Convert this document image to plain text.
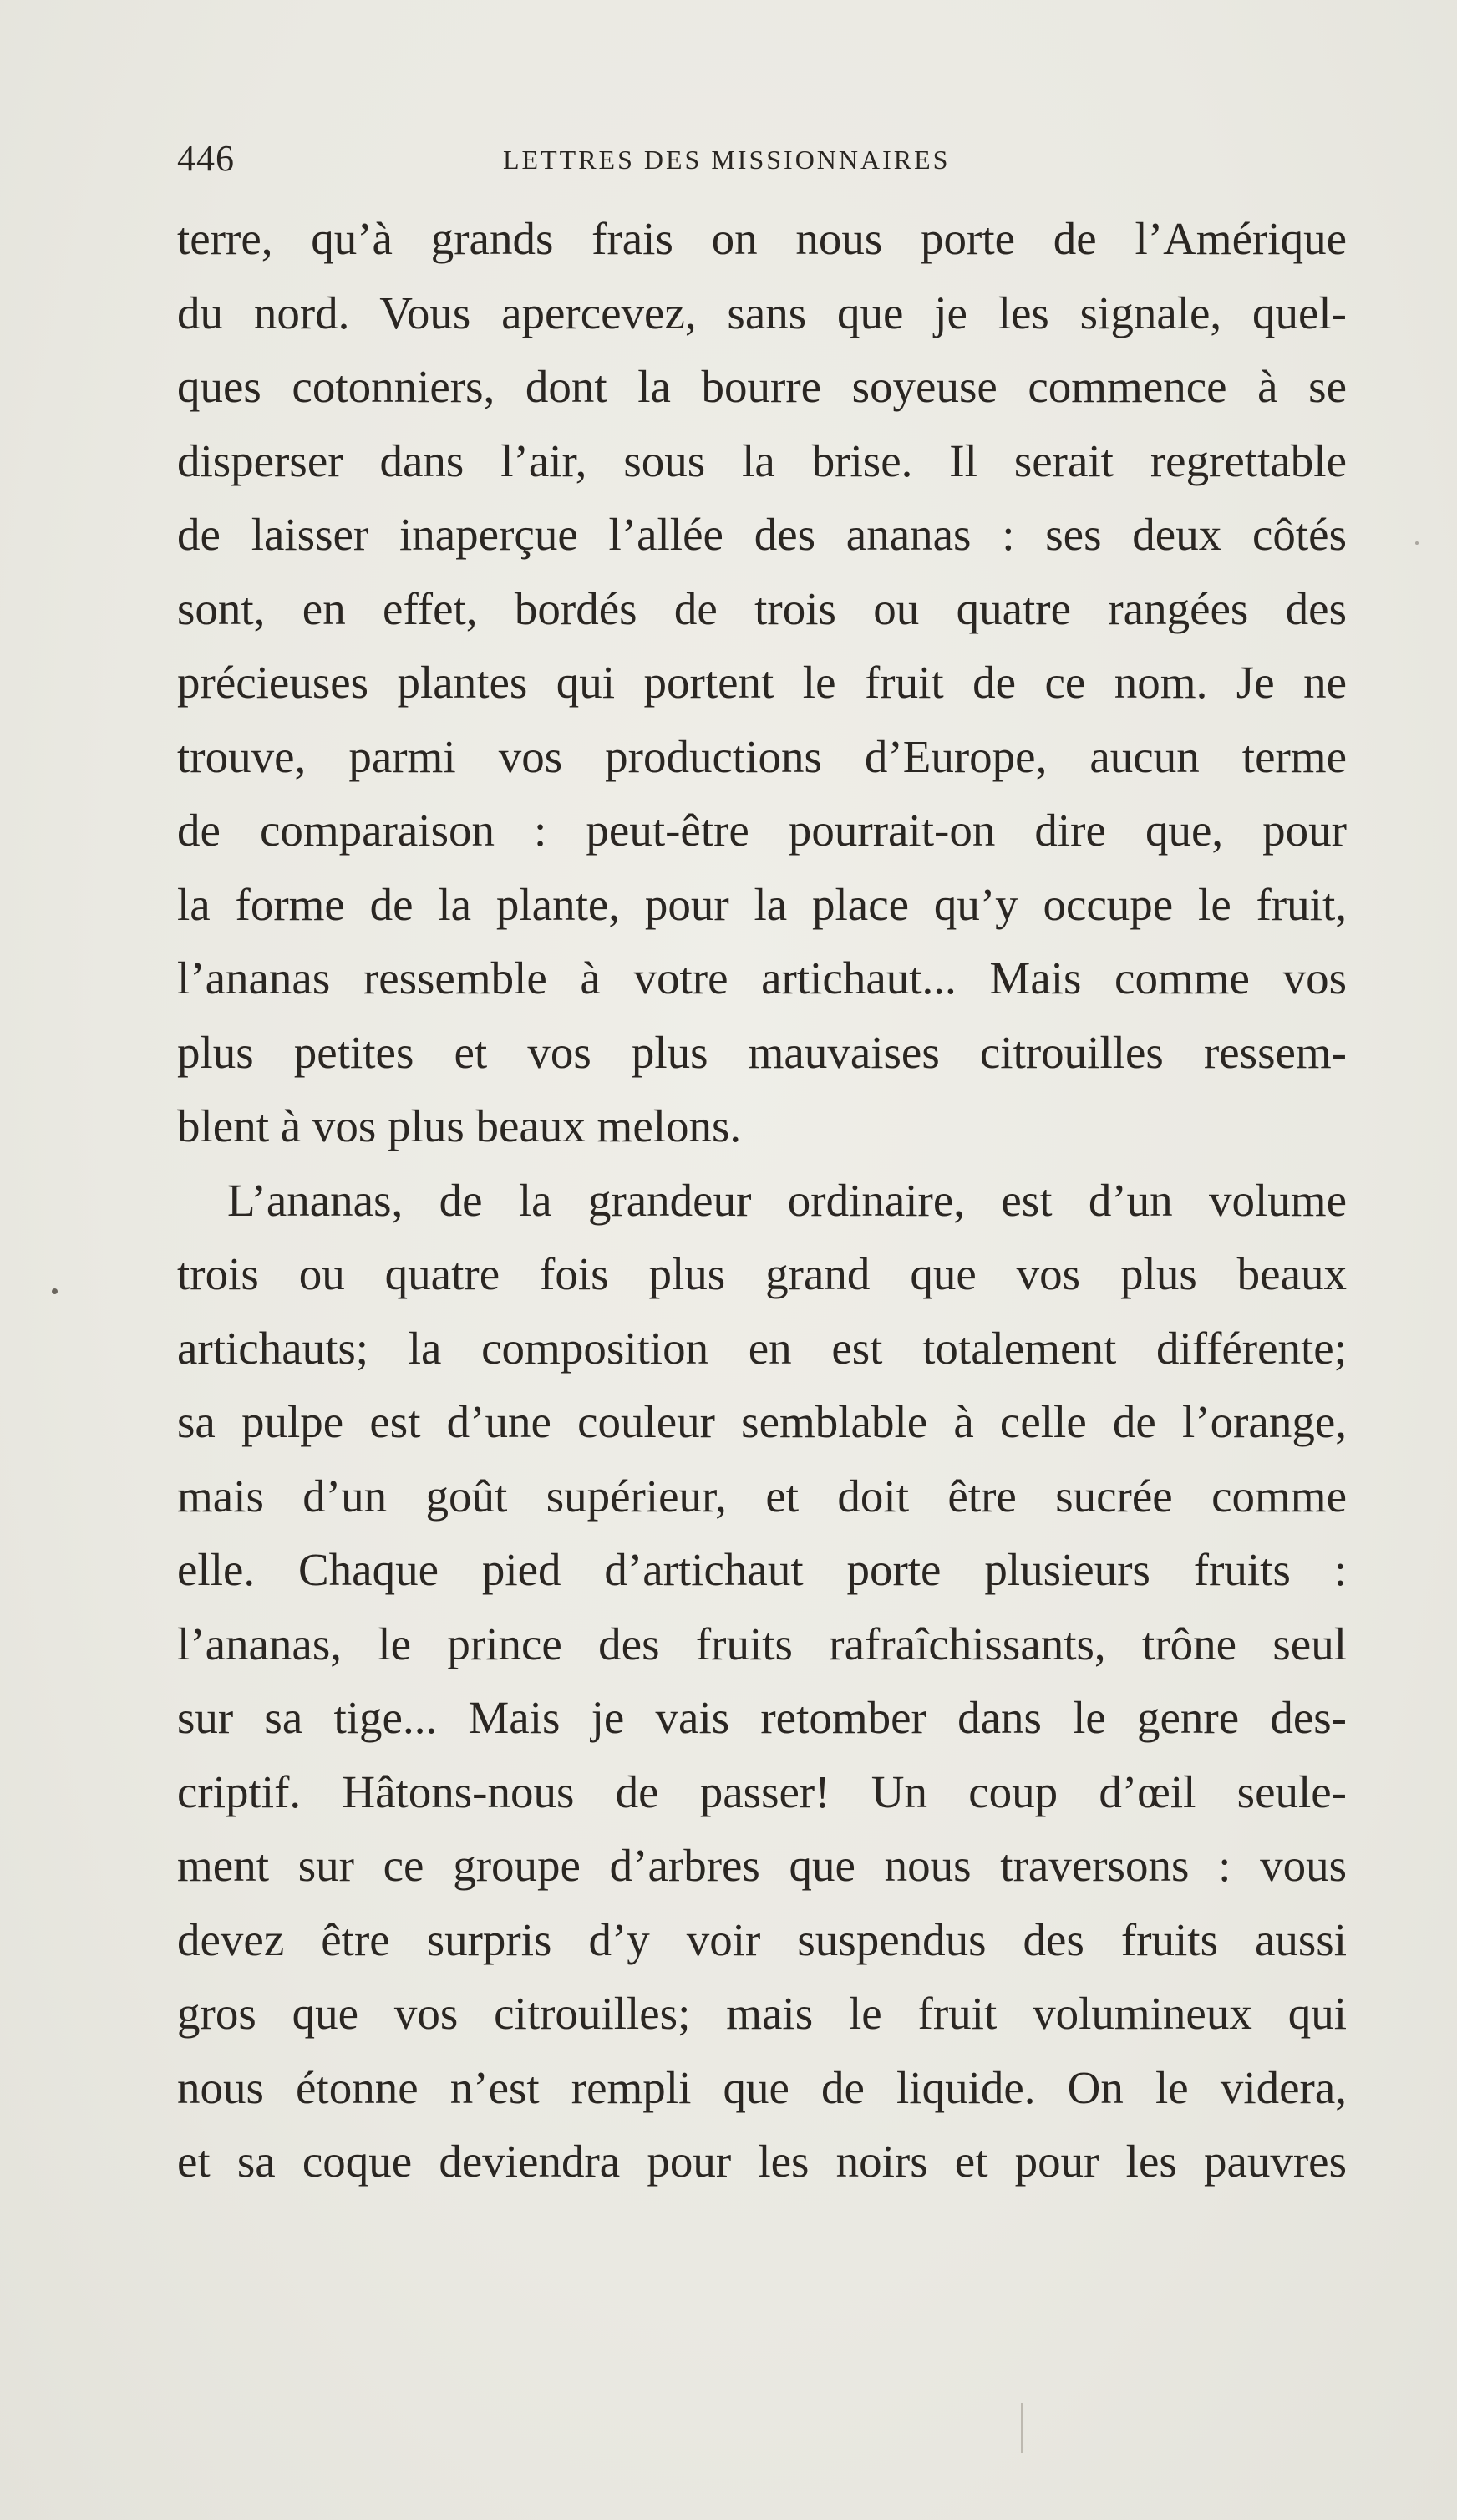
446	LETTRES DES MISSIONNAIRES
terre, qu’à grands frais on nous porte de l’Amérique
du nord. Vous apercevez, sans que je les signale, quel-
ques cotonniers, dont la bourre soyeuse commence à se
disperser dans l’air, sous la brise. Il serait regrettable
de laisser inaperçue l’allée des ananas : ses deux côtés
sont, en effet, bordés de trois ou quatre rangées des
précieuses plantes qui portent le fruit de ce nom. Je ne
trouve, parmi vos productions d’Europe, aucun terme
de comparaison : peut-être pourrait-on dire que, pour
la forme de la plante, pour la place qu’y occupe le fruit,
l’ananas ressemble à votre artichaut... Mais comme vos
plus petites et vos plus mauvaises citrouilles ressem-
blent à vos plus beaux melons.
L’ananas, de la grandeur ordinaire, est d’un volume
trois ou quatre fois plus grand que vos plus beaux
artichauts; la composition en est totalement différente;
sa pulpe est d’une couleur semblable à celle de l’orange,
mais d’un goût supérieur, et doit être sucrée comme
elle. Chaque pied d’artichaut porte plusieurs fruits :
l’ananas, le prince des fruits rafraîchissants, trône seul
sur sa tige... Mais je vais retomber dans le genre des-
criptif. Hâtons-nous de passer! Un coup d’œil seule-
ment sur ce groupe d’arbres que nous traversons : vous
devez être surpris d’y voir suspendus des fruits aussi
gros que vos citrouilles; mais le fruit volumineux qui
nous étonne n’est rempli que de liquide. On le videra,
et sa coque deviendra pour les noirs et pour les pauvres
